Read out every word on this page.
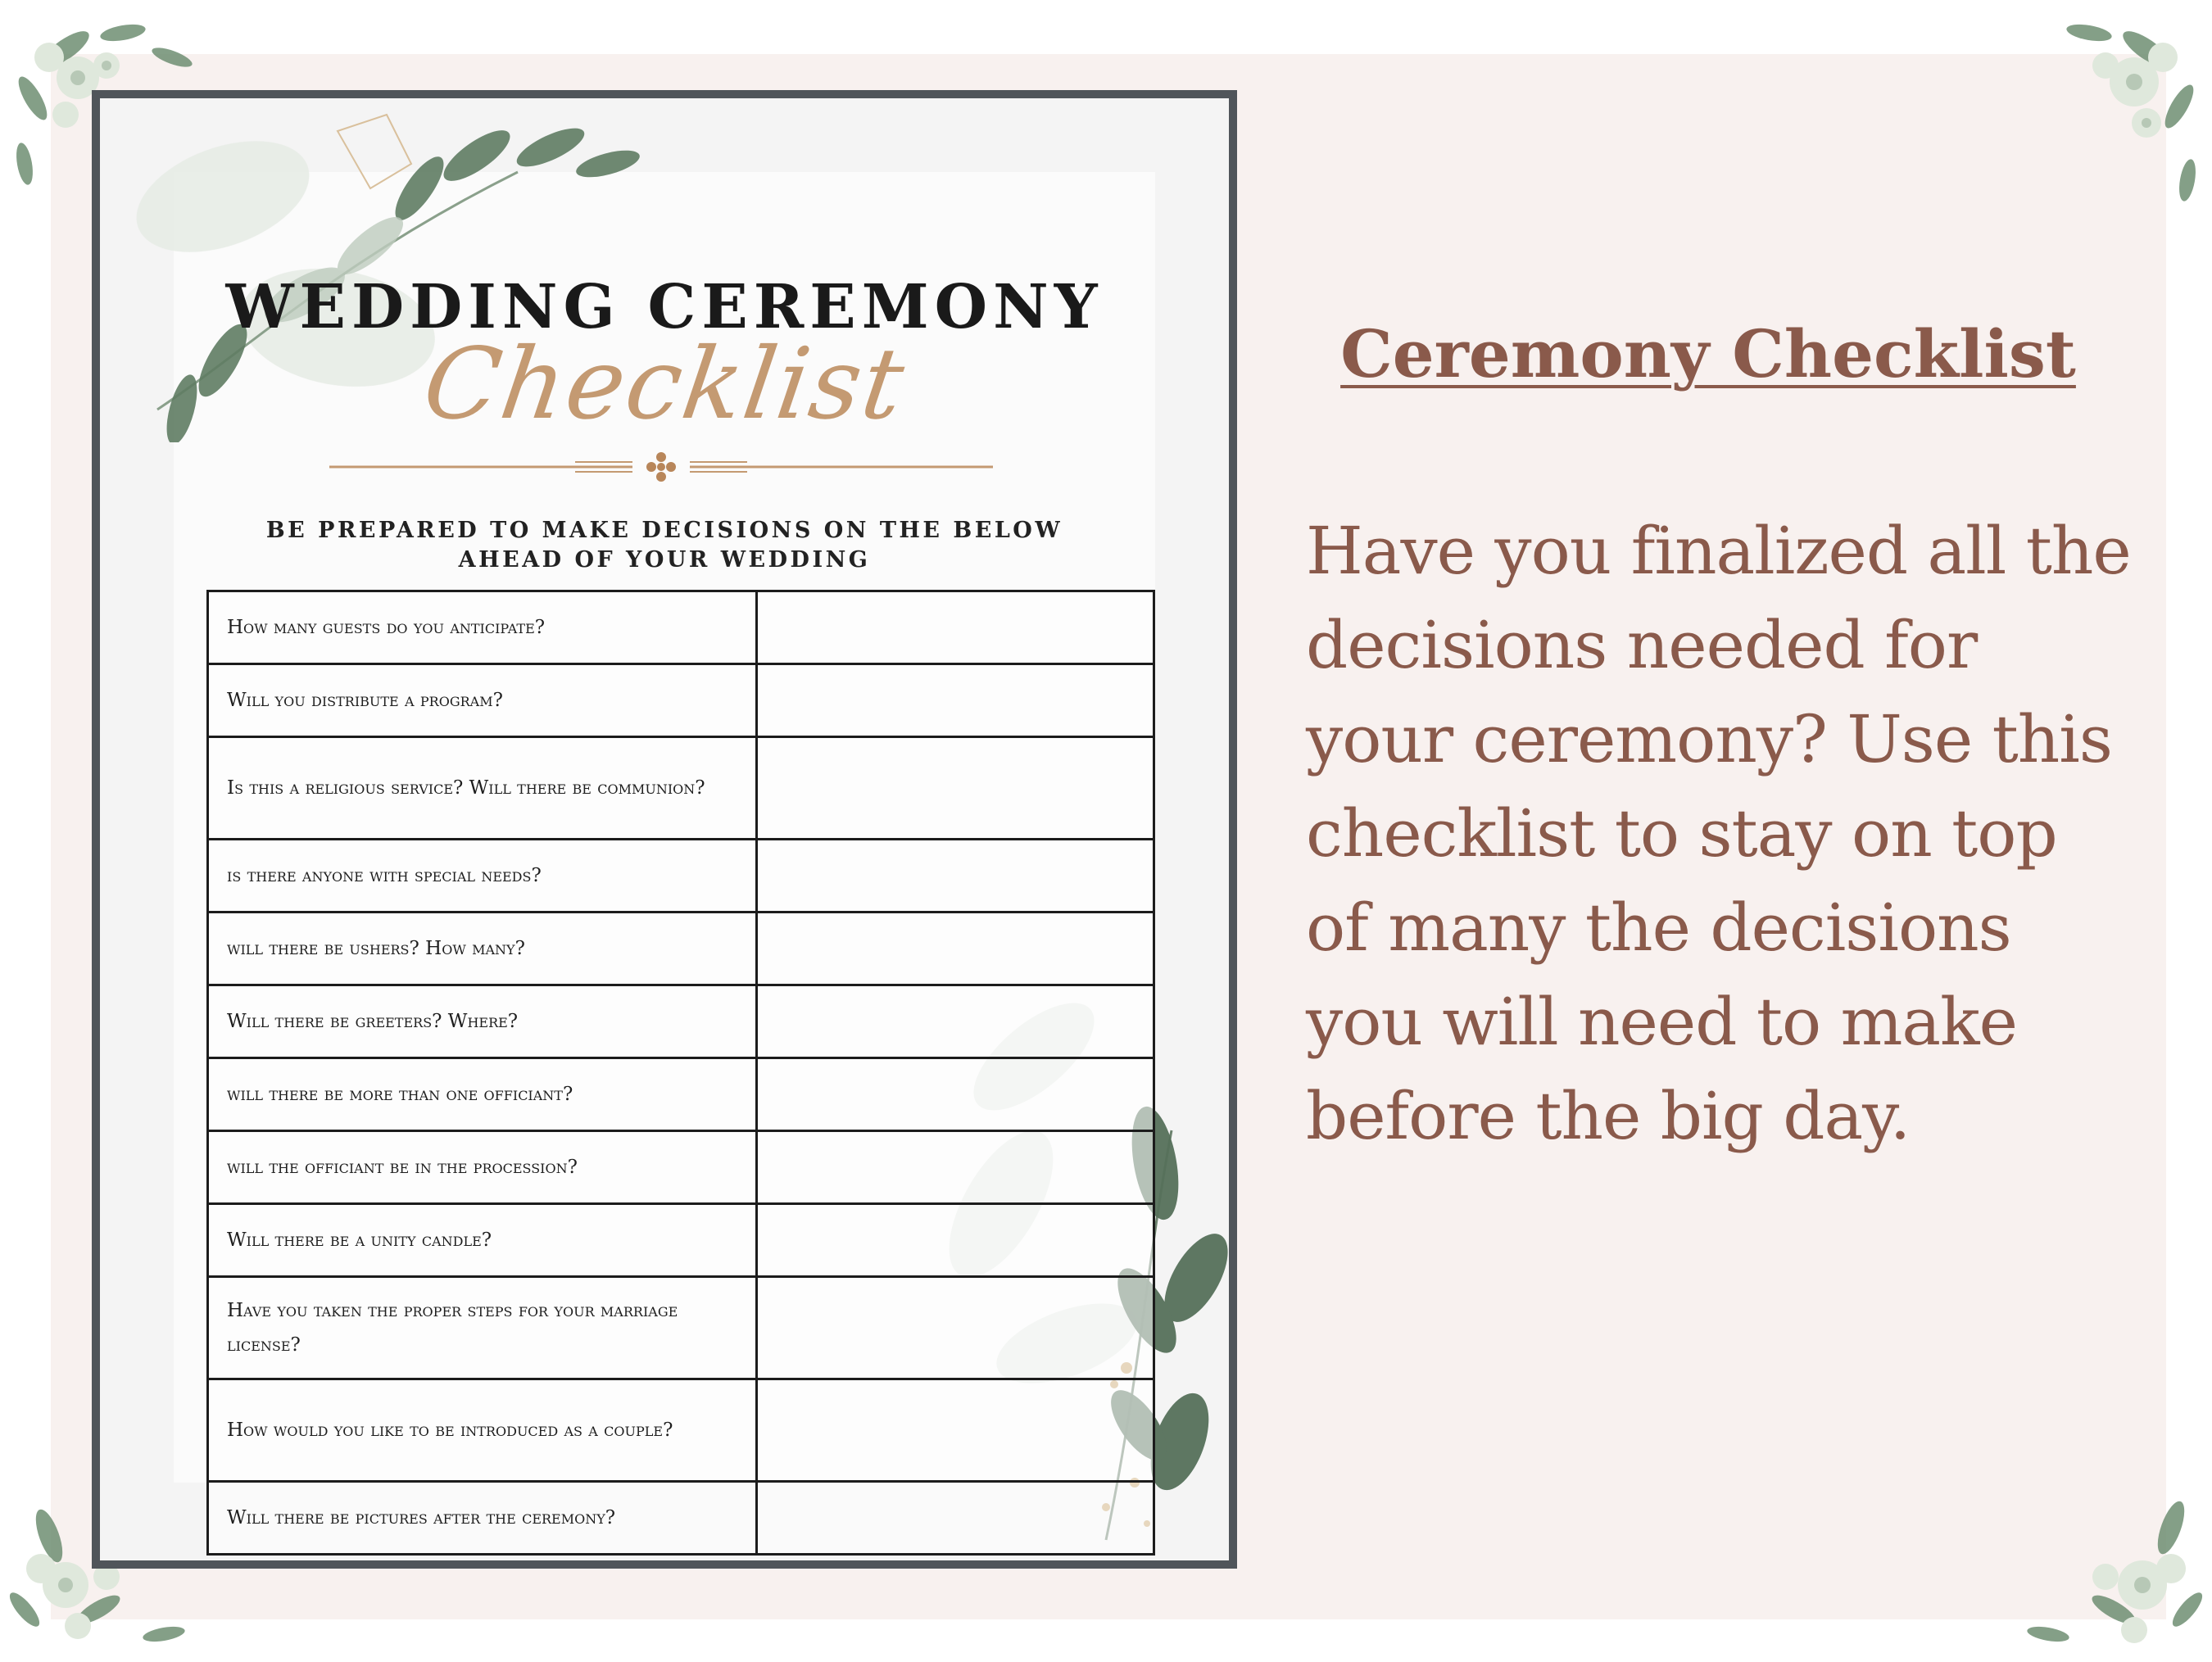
WEDDING CEREMONY
Checklist
BE PREPARED TO MAKE DECISIONS ON THE BELOW AHEAD OF YOUR WEDDING
How many guests do you anticipate?	
Will you distribute a program?	
Is this a religious service? Will there be communion?	
is there anyone with special needs?	
will there be ushers? How many?	
Will there be greeters? Where?	
will there be more than one officiant?	
will the officiant be in the procession?	
Will there be a unity candle?	
Have you taken the proper steps for your marriage license?	
How would you like to be introduced as a couple?	
Will there be pictures after the ceremony?	
Ceremony Checklist
Have you finalized all the decisions needed for your ceremony? Use this checklist to stay on top of many the decisions you will need to make before the big day.
